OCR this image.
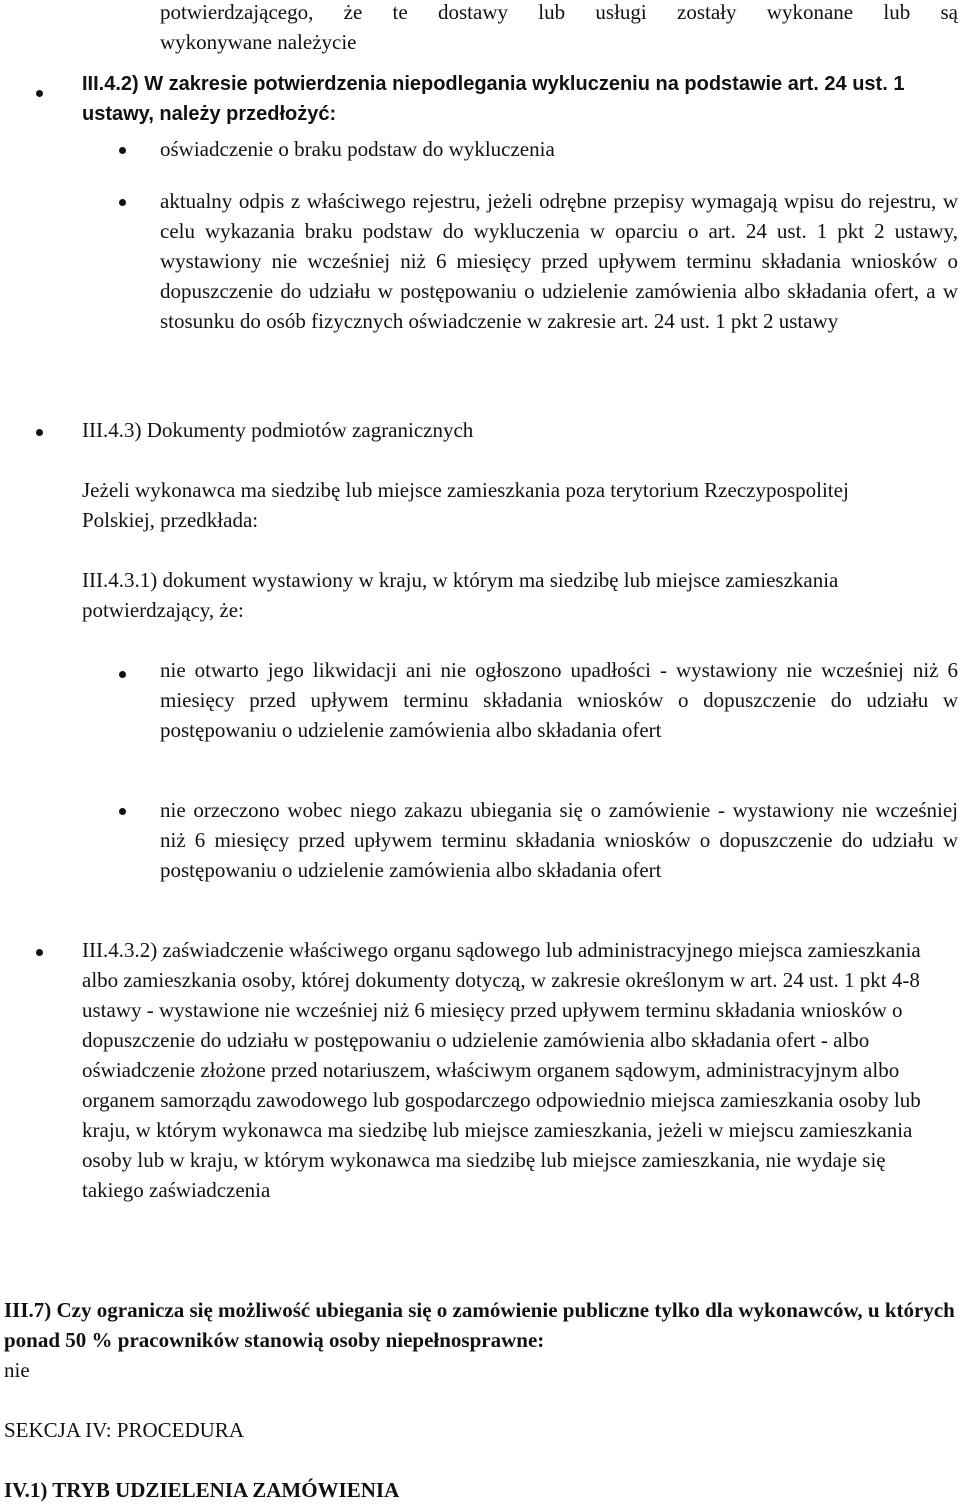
potwierdzającego, że te dostawy lub usługi zostały wykonane lub są
wykonywane należycie
III.4.2) W zakresie potwierdzenia niepodlegania wykluczeniu na podstawie art. 24 ust. 1 ustawy, należy przedłożyć:
oświadczenie o braku podstaw do wykluczenia
aktualny odpis z właściwego rejestru, jeżeli odrębne przepisy wymagają wpisu do rejestru, w celu wykazania braku podstaw do wykluczenia w oparciu o art. 24 ust. 1 pkt 2 ustawy, wystawiony nie wcześniej niż 6 miesięcy przed upływem terminu składania wniosków o dopuszczenie do udziału w postępowaniu o udzielenie zamówienia albo składania ofert, a w stosunku do osób fizycznych oświadczenie w zakresie art. 24 ust. 1 pkt 2 ustawy
III.4.3) Dokumenty podmiotów zagranicznych
Jeżeli wykonawca ma siedzibę lub miejsce zamieszkania poza terytorium Rzeczypospolitej Polskiej, przedkłada:
III.4.3.1) dokument wystawiony w kraju, w którym ma siedzibę lub miejsce zamieszkania potwierdzający, że:
nie otwarto jego likwidacji ani nie ogłoszono upadłości - wystawiony nie wcześniej niż 6 miesięcy przed upływem terminu składania wniosków o dopuszczenie do udziału w postępowaniu o udzielenie zamówienia albo składania ofert
nie orzeczono wobec niego zakazu ubiegania się o zamówienie - wystawiony nie wcześniej niż 6 miesięcy przed upływem terminu składania wniosków o dopuszczenie do udziału w postępowaniu o udzielenie zamówienia albo składania ofert
III.4.3.2) zaświadczenie właściwego organu sądowego lub administracyjnego miejsca zamieszkania albo zamieszkania osoby, której dokumenty dotyczą, w zakresie określonym w art. 24 ust. 1 pkt 4-8 ustawy - wystawione nie wcześniej niż 6 miesięcy przed upływem terminu składania wniosków o dopuszczenie do udziału w postępowaniu o udzielenie zamówienia albo składania ofert - albo oświadczenie złożone przed notariuszem, właściwym organem sądowym, administracyjnym albo organem samorządu zawodowego lub gospodarczego odpowiednio miejsca zamieszkania osoby lub kraju, w którym wykonawca ma siedzibę lub miejsce zamieszkania, jeżeli w miejscu zamieszkania osoby lub w kraju, w którym wykonawca ma siedzibę lub miejsce zamieszkania, nie wydaje się takiego zaświadczenia
III.7) Czy ogranicza się możliwość ubiegania się o zamówienie publiczne tylko dla wykonawców, u których ponad 50 % pracowników stanowią osoby niepełnosprawne:
nie
SEKCJA IV: PROCEDURA
IV.1) TRYB UDZIELENIA ZAMÓWIENIA
